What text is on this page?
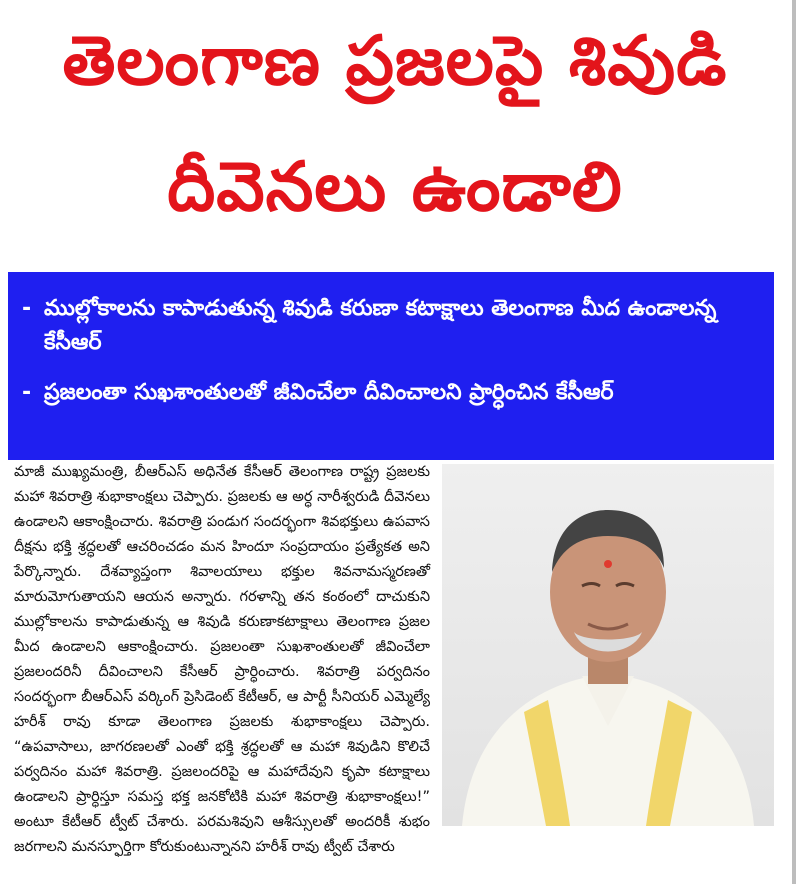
తెలంగాణ ప్రజలపై శివుడి
దీవెనలు ఉండాలి
- ముల్లోకాలను కాపాడుతున్న శివుడి కరుణా కటాక్షాలు తెలంగాణ మీద ఉండాలన్న కేసీఆర్
- ప్రజలంతా సుఖశాంతులతో జీవించేలా దీవించాలని ప్రార్ధించిన కేసీఆర్
మాజీ ముఖ్యమంత్రి, బీఆర్ఎస్ అధినేత కేసీఆర్ తెలంగాణ రాష్ట్ర ప్రజలకు మహా శివరాత్రి శుభాకాంక్షలు చెప్పారు. ప్రజలకు ఆ అర్ధ నారీశ్వరుడి దీవెనలు ఉండాలని ఆకాంక్షించారు. శివరాత్రి పండుగ సందర్భంగా శివభక్తులు ఉపవాస దీక్షను భక్తి శ్రద్ధలతో ఆచరించడం మన హిందూ సంప్రదాయం ప్రత్యేకత అని పేర్కొన్నారు. దేశవ్యాప్తంగా శివాలయాలు భక్తుల శివనామస్మరణతో మారుమోగుతాయని ఆయన అన్నారు. గరళాన్ని తన కంఠంలో దాచుకుని ముల్లోకాలను కాపాడుతున్న ఆ శివుడి కరుణాకటాక్షాలు తెలంగాణ ప్రజల మీద ఉండాలని ఆకాంక్షించారు. ప్రజలంతా సుఖశాంతులతో జీవించేలా ప్రజలందరినీ దీవించాలని కేసీఆర్ ప్రార్ధించారు. శివరాత్రి పర్వదినం సందర్భంగా బీఆర్ఎస్ వర్కింగ్ ప్రెసిడెంట్ కేటీఆర్, ఆ పార్టీ సీనియర్ ఎమ్మెల్యే హరీశ్ రావు కూడా తెలంగాణ ప్రజలకు శుభాకాంక్షలు చెప్పారు. “ఉపవాసాలు, జాగరణలతో ఎంతో భక్తి శ్రద్ధలతో ఆ మహా శివుడిని కొలిచే పర్వదినం మహా శివరాత్రి. ప్రజలందరిపై ఆ మహాదేవుని కృపా కటాక్షాలు ఉండాలని ప్రార్ధిస్తూ సమస్త భక్త జనకోటికి మహా శివరాత్రి శుభాకాంక్షలు!” అంటూ కేటీఆర్ ట్వీట్ చేశారు. పరమశివుని ఆశీస్సులతో అందరికీ శుభం జరగాలని మనస్ఫూర్తిగా కోరుకుంటున్నానని హరీశ్ రావు ట్వీట్ చేశారు
